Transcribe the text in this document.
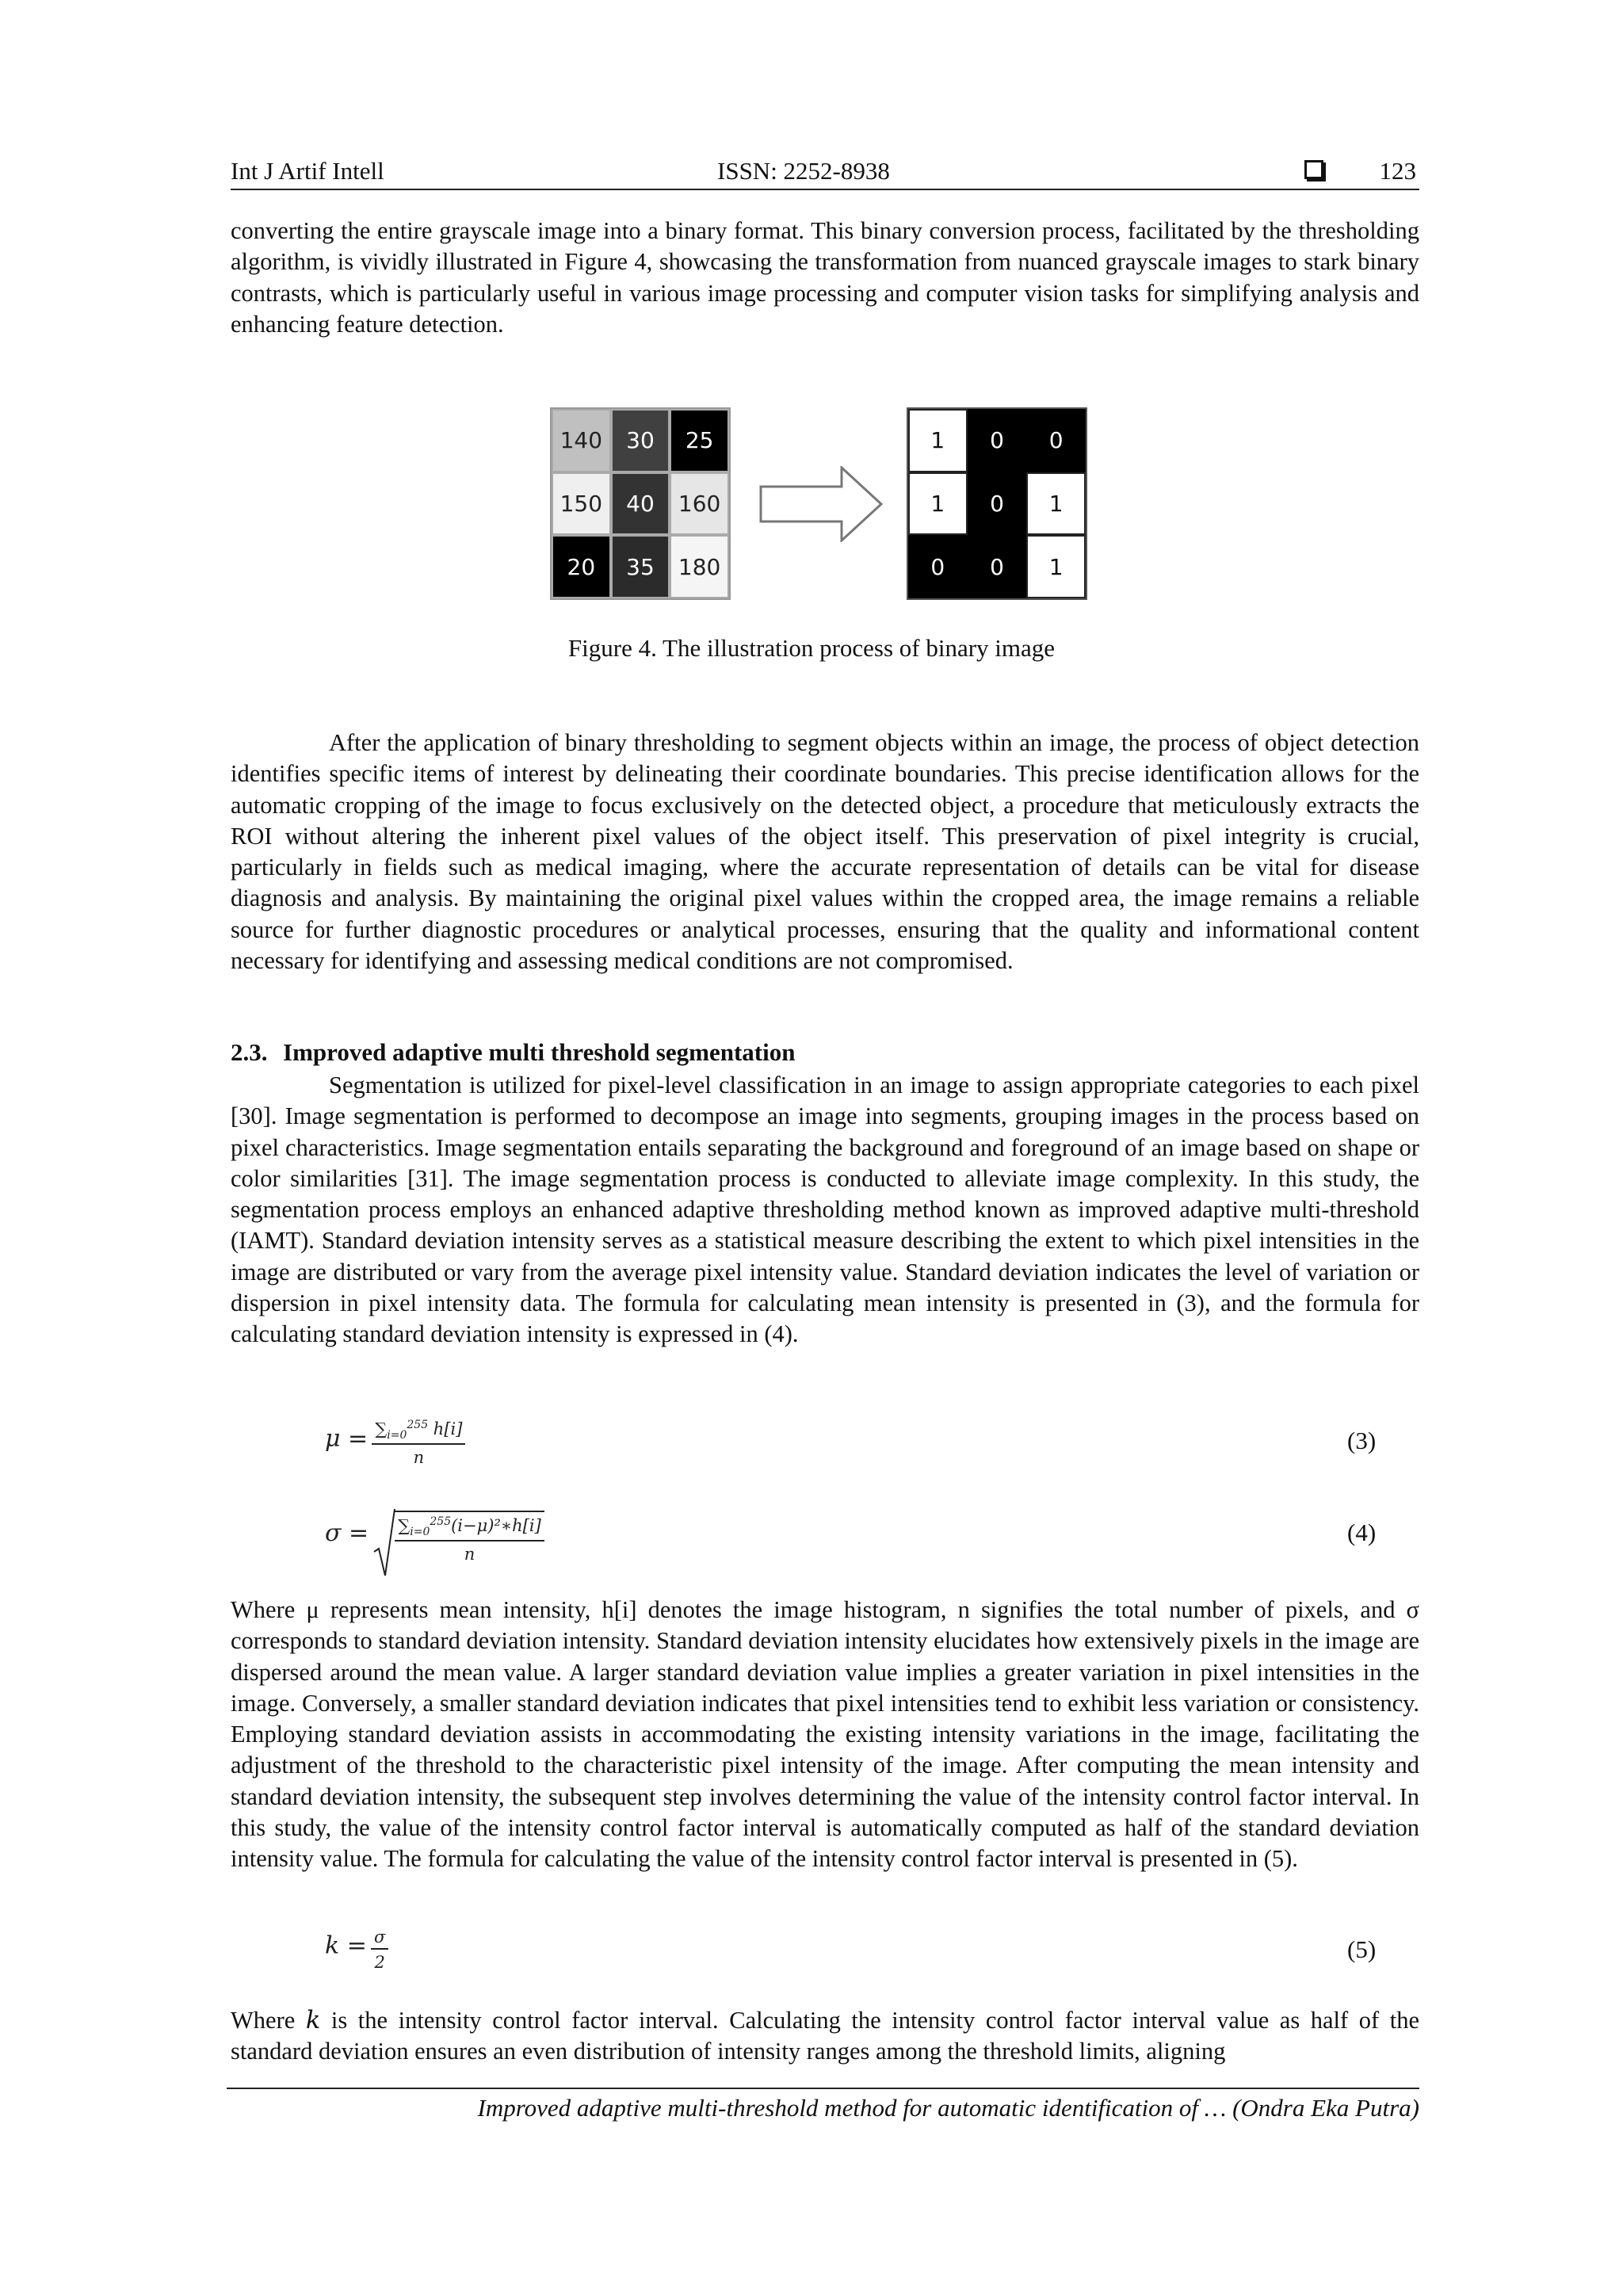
Int J Artif Intell	ISSN: 2252-8938	123

converting the entire grayscale image into a binary format. This binary conversion process, facilitated by the thresholding algorithm, is vividly illustrated in Figure 4, showcasing the transformation from nuanced grayscale images to stark binary contrasts, which is particularly useful in various image processing and computer vision tasks for simplifying analysis and enhancing feature detection.

140	30	25
150	40	160
20	35	180
1	0	0
1	0	1
0	0	1
Figure 4. The illustration process of binary image

After the application of binary thresholding to segment objects within an image, the process of object detection identifies specific items of interest by delineating their coordinate boundaries. This precise identification allows for the automatic cropping of the image to focus exclusively on the detected object, a procedure that meticulously extracts the ROI without altering the inherent pixel values of the object itself. This preservation of pixel integrity is crucial, particularly in fields such as medical imaging, where the accurate representation of details can be vital for disease diagnosis and analysis. By maintaining the original pixel values within the cropped area, the image remains a reliable source for further diagnostic procedures or analytical processes, ensuring that the quality and informational content necessary for identifying and assessing medical conditions are not compromised.

2.3. Improved adaptive multi threshold segmentation

Segmentation is utilized for pixel-level classification in an image to assign appropriate categories to each pixel [30]. Image segmentation is performed to decompose an image into segments, grouping images in the process based on pixel characteristics. Image segmentation entails separating the background and foreground of an image based on shape or color similarities [31]. The image segmentation process is conducted to alleviate image complexity. In this study, the segmentation process employs an enhanced adaptive thresholding method known as improved adaptive multi-threshold (IAMT). Standard deviation intensity serves as a statistical measure describing the extent to which pixel intensities in the image are distributed or vary from the average pixel intensity value. Standard deviation indicates the level of variation or dispersion in pixel intensity data. The formula for calculating mean intensity is presented in (3), and the formula for calculating standard deviation intensity is expressed in (4).

$\mu = \frac{\sum_{i=0}^{255} h[i]}{n}$	(3)
$\sigma = \frac{\sum_{i=0}^{255}(i-\mu)^2∗h[i]}{n}$	(4)

Where μ represents mean intensity, h[i] denotes the image histogram, n signifies the total number of pixels, and σ corresponds to standard deviation intensity. Standard deviation intensity elucidates how extensively pixels in the image are dispersed around the mean value. A larger standard deviation value implies a greater variation in pixel intensities in the image. Conversely, a smaller standard deviation indicates that pixel intensities tend to exhibit less variation or consistency. Employing standard deviation assists in accommodating the existing intensity variations in the image, facilitating the adjustment of the threshold to the characteristic pixel intensity of the image. After computing the mean intensity and standard deviation intensity, the subsequent step involves determining the value of the intensity control factor interval. In this study, the value of the intensity control factor interval is automatically computed as half of the standard deviation intensity value. The formula for calculating the value of the intensity control factor interval is presented in (5).

$k = \frac{\sigma}{2}$	(5)

Where k is the intensity control factor interval. Calculating the intensity control factor interval value as half of the standard deviation ensures an even distribution of intensity ranges among the threshold limits, aligning

Improved adaptive multi-threshold method for automatic identification of … (Ondra Eka Putra)
